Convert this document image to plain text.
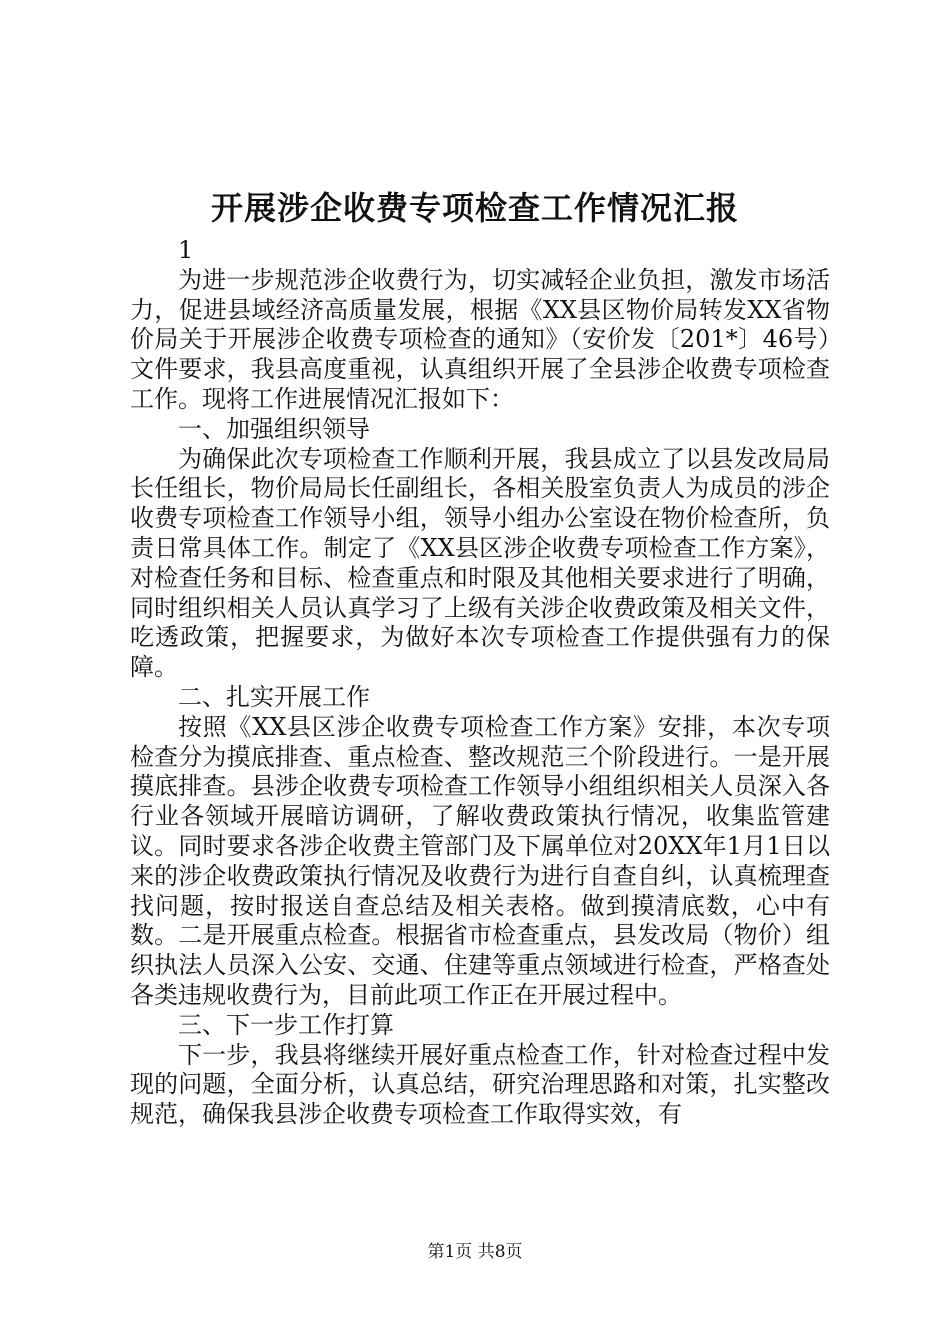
开展涉企收费专项检查工作情况汇报
1

为进一步规范涉企收费行为，切实减轻企业负担，激发市场活力，促进县域经济高质量发展，根据《XX县区物价局转发XX省物价局关于开展涉企收费专项检查的通知》（安价发〔201*〕46号）文件要求，我县高度重视，认真组织开展了全县涉企收费专项检查工作。现将工作进展情况汇报如下：

一、加强组织领导

为确保此次专项检查工作顺利开展，我县成立了以县发改局局长任组长，物价局局长任副组长，各相关股室负责人为成员的涉企收费专项检查工作领导小组，领导小组办公室设在物价检查所，负责日常具体工作。制定了《XX县区涉企收费专项检查工作方案》，对检查任务和目标、检查重点和时限及其他相关要求进行了明确，同时组织相关人员认真学习了上级有关涉企收费政策及相关文件，吃透政策，把握要求，为做好本次专项检查工作提供强有力的保障。

二、扎实开展工作

按照《XX县区涉企收费专项检查工作方案》安排，本次专项检查分为摸底排查、重点检查、整改规范三个阶段进行。一是开展摸底排查。县涉企收费专项检查工作领导小组组织相关人员深入各行业各领域开展暗访调研，了解收费政策执行情况，收集监管建议。同时要求各涉企收费主管部门及下属单位对20XX年1月1日以来的涉企收费政策执行情况及收费行为进行自查自纠，认真梳理查找问题，按时报送自查总结及相关表格。做到摸清底数，心中有数。二是开展重点检查。根据省市检查重点，县发改局（物价）组织执法人员深入公安、交通、住建等重点领域进行检查，严格查处各类违规收费行为，目前此项工作正在开展过程中。

三、下一步工作打算

下一步，我县将继续开展好重点检查工作，针对检查过程中发现的问题，全面分析，认真总结，研究治理思路和对策，扎实整改规范，确保我县涉企收费专项检查工作取得实效，有

第1页 共8页
